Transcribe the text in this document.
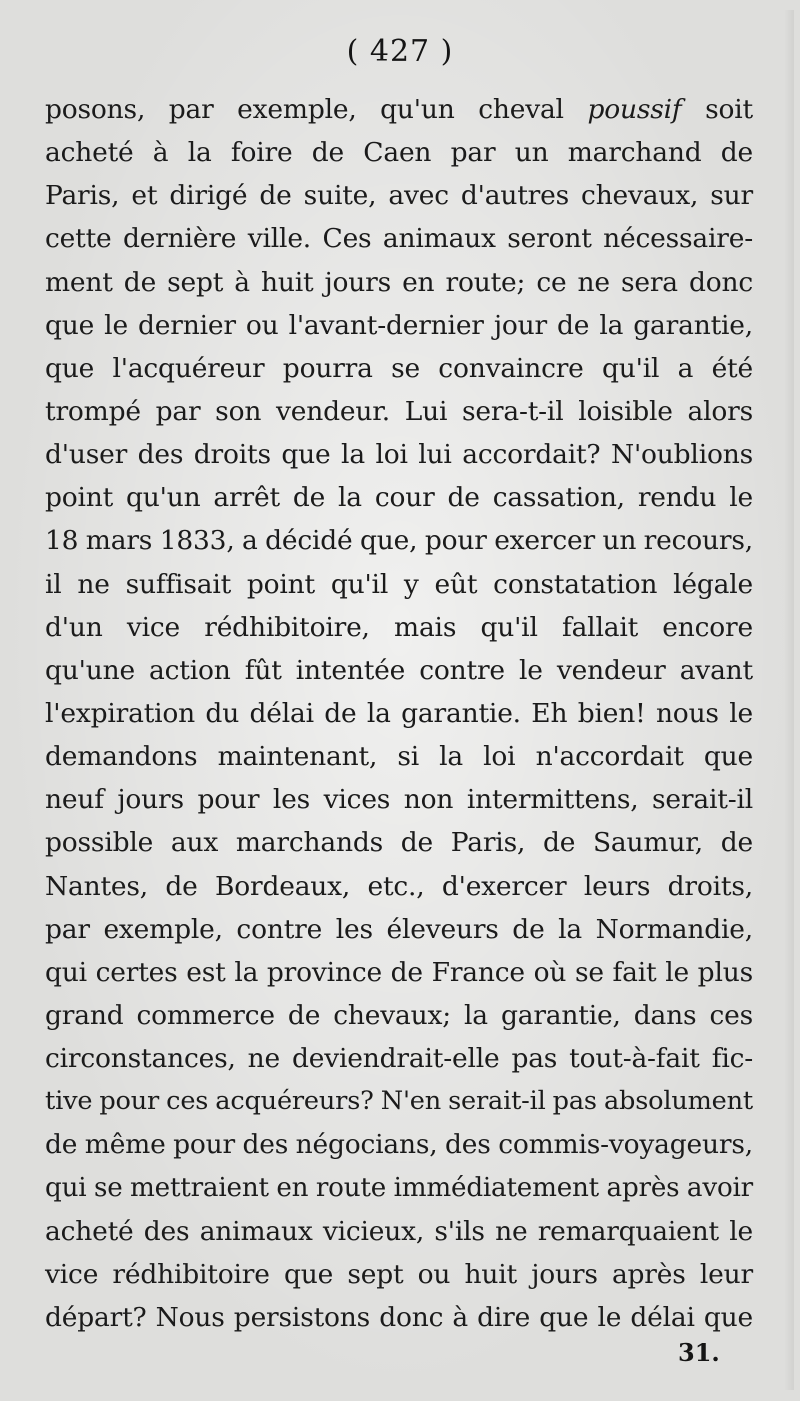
( 427 )
posons, par exemple, qu'un cheval poussif soit
acheté à la foire de Caen par un marchand de
Paris, et dirigé de suite, avec d'autres chevaux, sur
cette dernière ville. Ces animaux seront nécessaire-
ment de sept à huit jours en route; ce ne sera donc
que le dernier ou l'avant-dernier jour de la garantie,
que l'acquéreur pourra se convaincre qu'il a été
trompé par son vendeur. Lui sera-t-il loisible alors
d'user des droits que la loi lui accordait? N'oublions
point qu'un arrêt de la cour de cassation, rendu le
18 mars 1833, a décidé que, pour exercer un recours,
il ne suffisait point qu'il y eût constatation légale
d'un vice rédhibitoire, mais qu'il fallait encore
qu'une action fût intentée contre le vendeur avant
l'expiration du délai de la garantie. Eh bien! nous le
demandons maintenant, si la loi n'accordait que
neuf jours pour les vices non intermittens, serait-il
possible aux marchands de Paris, de Saumur, de
Nantes, de Bordeaux, etc., d'exercer leurs droits,
par exemple, contre les éleveurs de la Normandie,
qui certes est la province de France où se fait le plus
grand commerce de chevaux; la garantie, dans ces
circonstances, ne deviendrait-elle pas tout-à-fait fic-
tive pour ces acquéreurs? N'en serait-il pas absolument
de même pour des négocians, des commis-voyageurs,
qui se mettraient en route immédiatement après avoir
acheté des animaux vicieux, s'ils ne remarquaient le
vice rédhibitoire que sept ou huit jours après leur
départ? Nous persistons donc à dire que le délai que
31.
